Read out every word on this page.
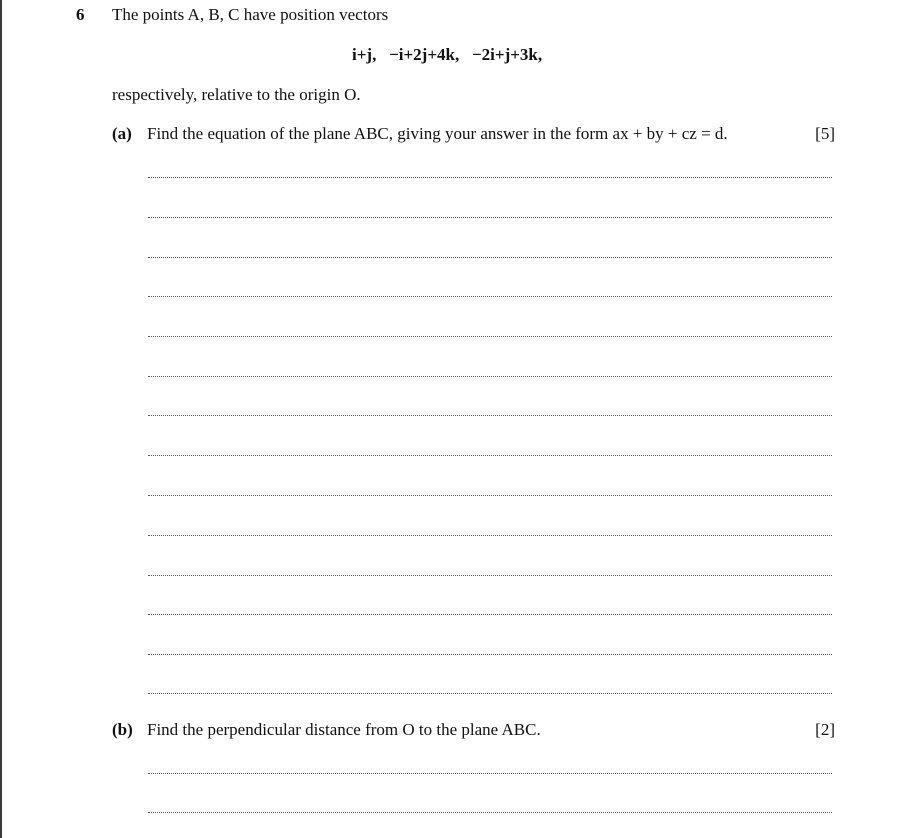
6 The points A, B, C have position vectors
i+j,   −i+2j+4k,   −2i+j+3k,
respectively, relative to the origin O.
(a) Find the equation of the plane ABC, giving your answer in the form ax + by + cz = d.	[5]
(b) Find the perpendicular distance from O to the plane ABC.	[2]
